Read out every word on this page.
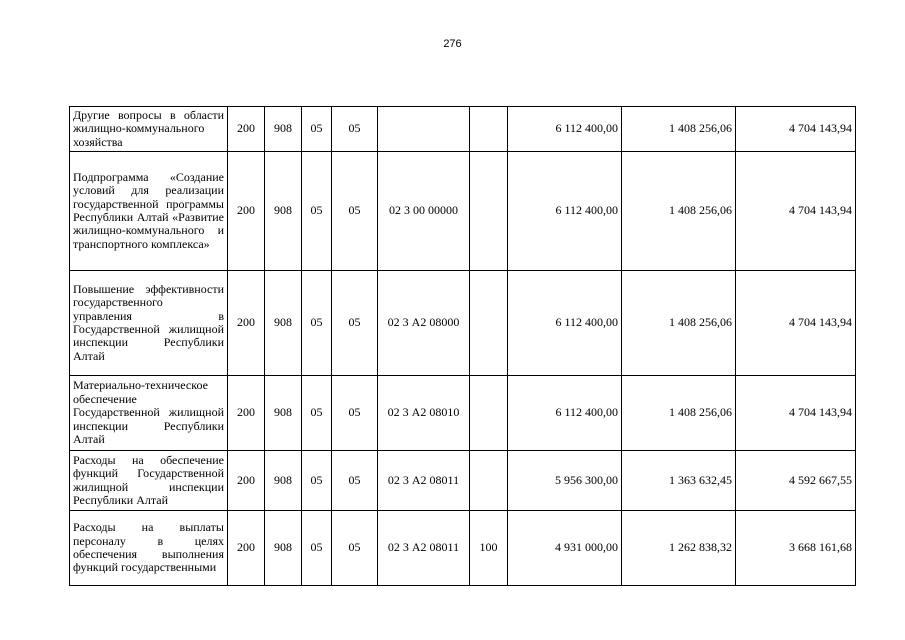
276
Другие вопросы в области жилищно-коммунального хозяйства	200	908	05	05			6 112 400,00	1 408 256,06	4 704 143,94
Подпрограмма «Создание условий для реализации государственной программы Республики Алтай «Развитие жилищно-коммунального и транспортного комплекса»	200	908	05	05	02 3 00 00000		6 112 400,00	1 408 256,06	4 704 143,94
Повышение эффективности государственного управления в Государственной жилищной инспекции Республики Алтай	200	908	05	05	02 3 А2 08000		6 112 400,00	1 408 256,06	4 704 143,94
Материально-техническое обеспечение Государственной жилищной инспекции Республики Алтай	200	908	05	05	02 3 А2 08010		6 112 400,00	1 408 256,06	4 704 143,94
Расходы на обеспечение функций Государственной жилищной инспекции Республики Алтай	200	908	05	05	02 3 А2 08011		5 956 300,00	1 363 632,45	4 592 667,55
Расходы на выплаты персоналу в целях обеспечения выполнения функций государственными	200	908	05	05	02 3 А2 08011	100	4 931 000,00	1 262 838,32	3 668 161,68
